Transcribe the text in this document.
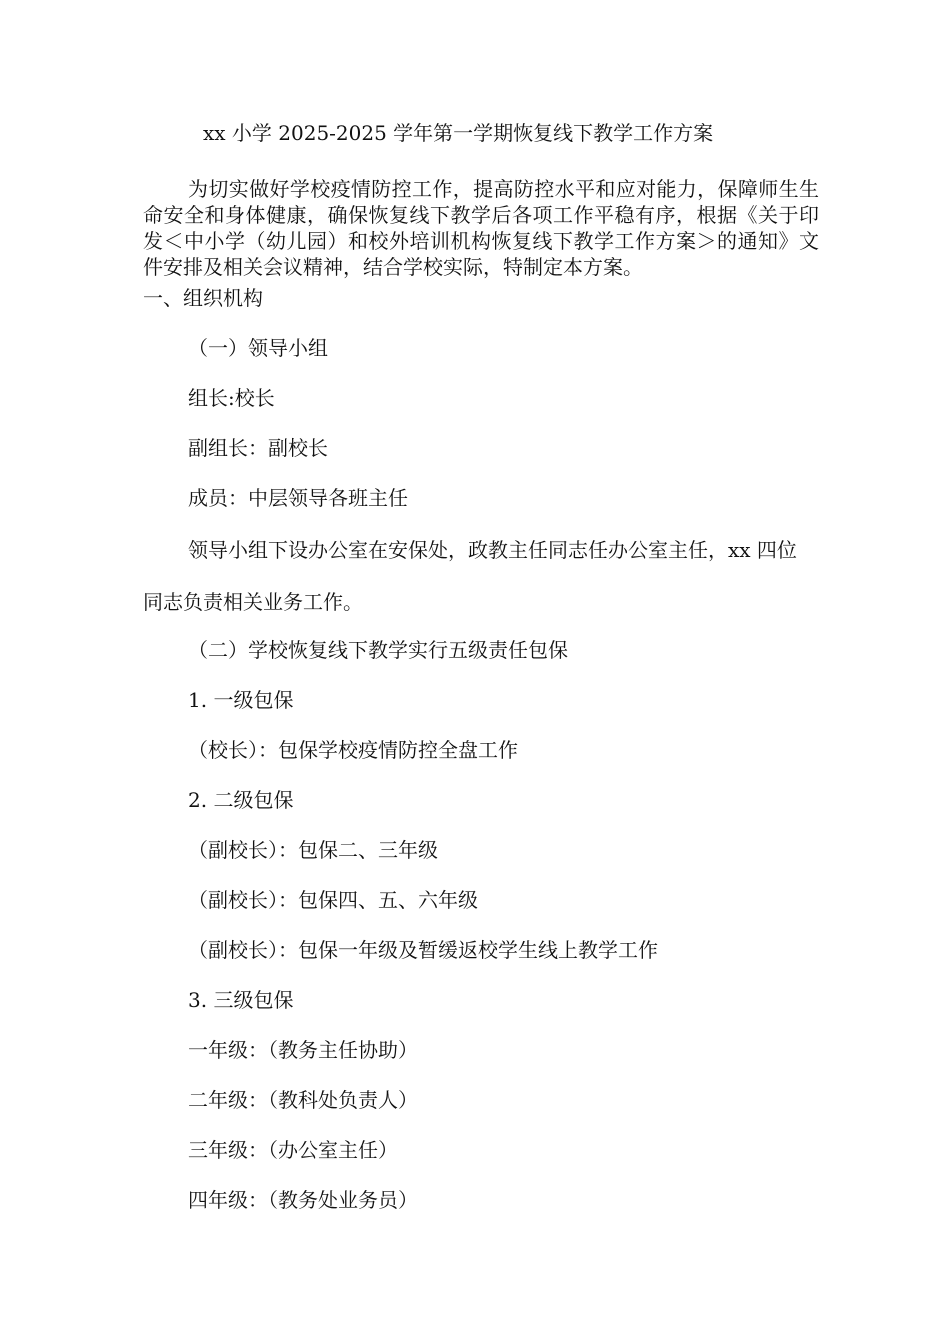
xx 小学 2025-2025 学年第一学期恢复线下教学工作方案
为切实做好学校疫情防控工作，提高防控水平和应对能力，保障师生生命安全和身体健康，确保恢复线下教学后各项工作平稳有序，根据《关于印发＜中小学（幼儿园）和校外培训机构恢复线下教学工作方案＞的通知》文件安排及相关会议精神，结合学校实际，特制定本方案。
一、组织机构
（一）领导小组
组长:校长
副组长：副校长
成员：中层领导各班主任
领导小组下设办公室在安保处，政教主任同志任办公室主任，xx 四位
同志负责相关业务工作。
（二）学校恢复线下教学实行五级责任包保
1. 一级包保
（校长）：包保学校疫情防控全盘工作
2. 二级包保
（副校长）：包保二、三年级
（副校长）：包保四、五、六年级
（副校长）：包保一年级及暂缓返校学生线上教学工作
3. 三级包保
一年级：（教务主任协助）
二年级：（教科处负责人）
三年级：（办公室主任）
四年级：（教务处业务员）
